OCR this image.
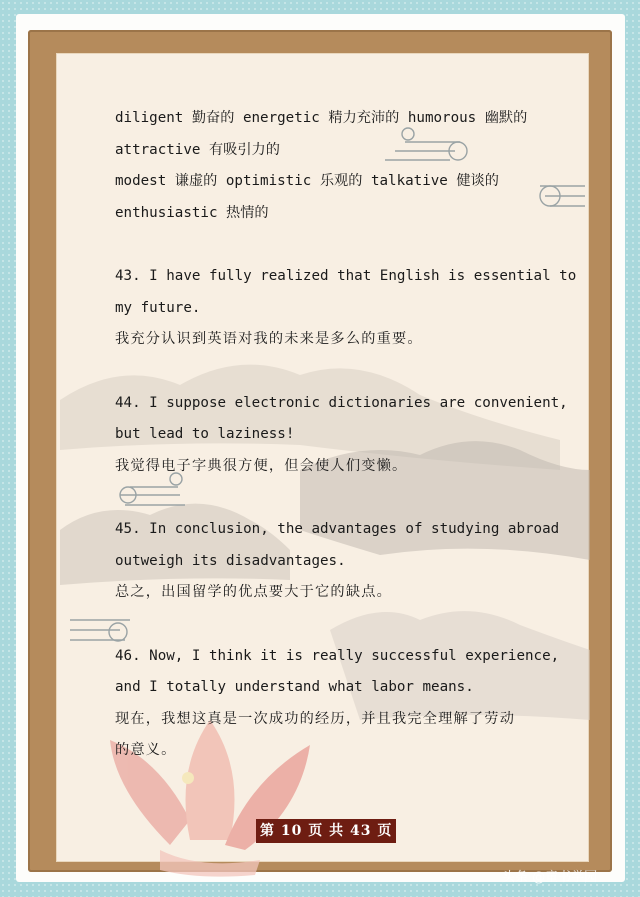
diligent 勤奋的 energetic 精力充沛的 humorous 幽默的
attractive 有吸引力的
modest 谦虚的 optimistic 乐观的 talkative 健谈的
enthusiastic 热情的
43. I have fully realized that English is essential to
my future.
我充分认识到英语对我的未来是多么的重要。
44. I suppose electronic dictionaries are convenient,
but lead to laziness!
我觉得电子字典很方便，但会使人们变懒。
45. In conclusion, the advantages of studying abroad
outweigh its disadvantages.
总之，出国留学的优点要大于它的缺点。
46. Now, I think it is really successful experience,
and I totally understand what labor means.
现在，我想这真是一次成功的经历，并且我完全理解了劳动
的意义。
第 10 页 共 43 页
头条 @童书学园
